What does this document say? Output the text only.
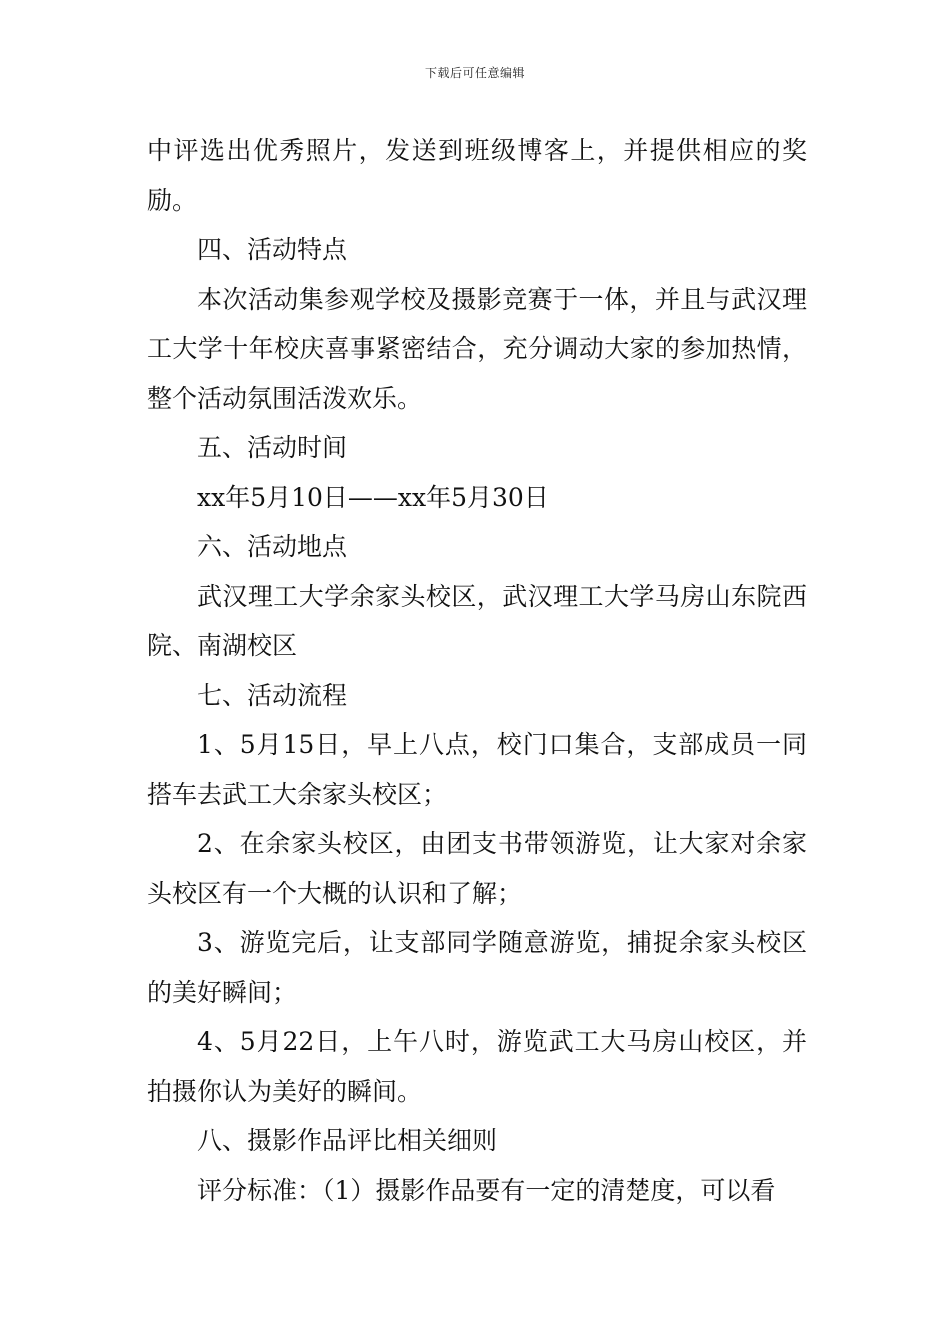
下载后可任意编辑

中评选出优秀照片，发送到班级博客上，并提供相应的奖励。

四、活动特点

本次活动集参观学校及摄影竞赛于一体，并且与武汉理工大学十年校庆喜事紧密结合，充分调动大家的参加热情，整个活动氛围活泼欢乐。

五、活动时间

xx年5月10日——xx年5月30日

六、活动地点

武汉理工大学余家头校区，武汉理工大学马房山东院西院、南湖校区

七、活动流程

1、5月15日，早上八点，校门口集合，支部成员一同搭车去武工大余家头校区；

2、在余家头校区，由团支书带领游览，让大家对余家头校区有一个大概的认识和了解；

3、游览完后，让支部同学随意游览，捕捉余家头校区的美好瞬间；

4、5月22日，上午八时，游览武工大马房山校区，并拍摄你认为美好的瞬间。

八、摄影作品评比相关细则

评分标准：（1）摄影作品要有一定的清楚度，可以看
